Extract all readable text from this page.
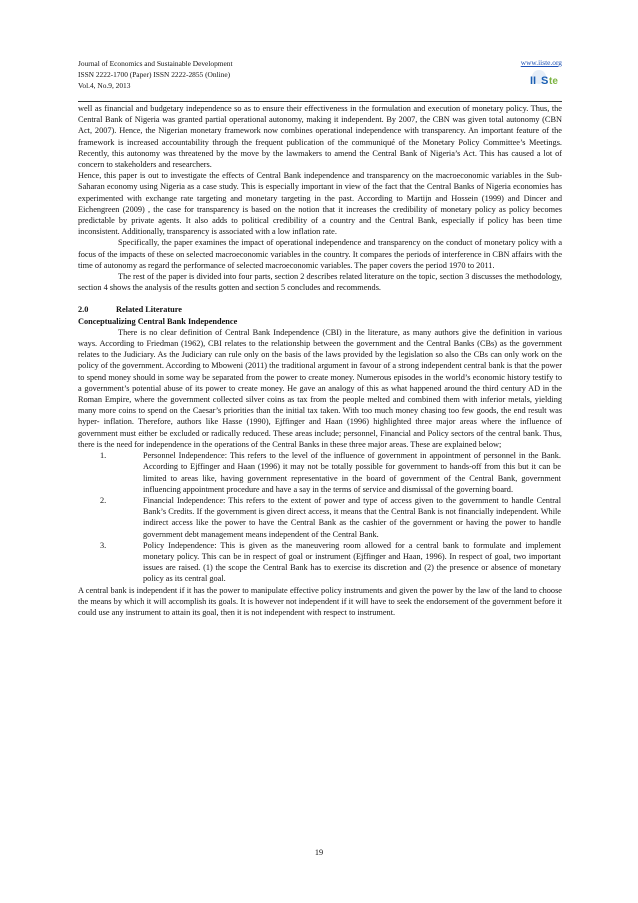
Journal of Economics and Sustainable Development
ISSN 2222-1700 (Paper) ISSN 2222-2855 (Online)
Vol.4, No.9, 2013
www.iiste.org
II S te

well as financial and budgetary independence so as to ensure their effectiveness in the formulation and execution of monetary policy. Thus, the Central Bank of Nigeria was granted partial operational autonomy, making it independent. By 2007, the CBN was given total autonomy (CBN Act, 2007). Hence, the Nigerian monetary framework now combines operational independence with transparency. An important feature of the framework is increased accountability through the frequent publication of the communiqué of the Monetary Policy Committee’s Meetings. Recently, this autonomy was threatened by the move by the lawmakers to amend the Central Bank of Nigeria’s Act. This has caused a lot of concern to stakeholders and researchers.

Hence, this paper is out to investigate the effects of Central Bank independence and transparency on the macroeconomic variables in the Sub-Saharan economy using Nigeria as a case study. This is especially important in view of the fact that the Central Banks of Nigeria economies has experimented with exchange rate targeting and monetary targeting in the past. According to Martijn and Hossein (1999) and Dincer and Eichengreen (2009) , the case for transparency is based on the notion that it increases the credibility of monetary policy as policy becomes predictable by private agents. It also adds to political credibility of a country and the Central Bank, especially if policy has been time inconsistent. Additionally, transparency is associated with a low inflation rate.

Specifically, the paper examines the impact of operational independence and transparency on the conduct of monetary policy with a focus of the impacts of these on selected macroeconomic variables in the country. It compares the periods of interference in CBN affairs with the time of autonomy as regard the performance of selected macroeconomic variables. The paper covers the period 1970 to 2011.

The rest of the paper is divided into four parts, section 2 describes related literature on the topic, section 3 discusses the methodology, section 4 shows the analysis of the results gotten and section 5 concludes and recommends.

2.0	Related Literature
Conceptualizing Central Bank Independence

There is no clear definition of Central Bank Independence (CBI) in the literature, as many authors give the definition in various ways. According to Friedman (1962), CBI relates to the relationship between the government and the Central Banks (CBs) as the government relates to the Judiciary. As the Judiciary can rule only on the basis of the laws provided by the legislation so also the CBs can only work on the policy of the government. According to Mboweni (2011) the traditional argument in favour of a strong independent central bank is that the power to spend money should in some way be separated from the power to create money. Numerous episodes in the world’s economic history testify to a government’s potential abuse of its power to create money. He gave an analogy of this as what happened around the third century AD in the Roman Empire, where the government collected silver coins as tax from the people melted and combined them with inferior metals, yielding many more coins to spend on the Caesar’s priorities than the initial tax taken. With too much money chasing too few goods, the end result was hyper- inflation. Therefore, authors like Hasse (1990), Ejffinger and Haan (1996) highlighted three major areas where the influence of government must either be excluded or radically reduced. These areas include; personnel, Financial and Policy sectors of the central bank. Thus, there is the need for independence in the operations of the Central Banks in these three major areas. These are explained below;

1.	Personnel Independence: This refers to the level of the influence of government in appointment of personnel in the Bank. According to Ejffinger and Haan (1996) it may not be totally possible for government to hands-off from this but it can be limited to areas like, having government representative in the board of government of the Central Bank, government influencing appointment procedure and have a say in the terms of service and dismissal of the governing board.
2.	Financial Independence: This refers to the extent of power and type of access given to the government to handle Central Bank’s Credits. If the government is given direct access, it means that the Central Bank is not financially independent. While indirect access like the power to have the Central Bank as the cashier of the government or having the power to handle government debt management means independent of the Central Bank.
3.	Policy Independence: This is given as the maneuvering room allowed for a central bank to formulate and implement monetary policy. This can be in respect of goal or instrument (Ejffinger and Haan, 1996). In respect of goal, two important issues are raised. (1) the scope the Central Bank has to exercise its discretion and (2) the presence or absence of monetary policy as its central goal.

A central bank is independent if it has the power to manipulate effective policy instruments and given the power by the law of the land to choose the means by which it will accomplish its goals. It is however not independent if it will have to seek the endorsement of the government before it could use any instrument to attain its goal, then it is not independent with respect to instrument.

19
